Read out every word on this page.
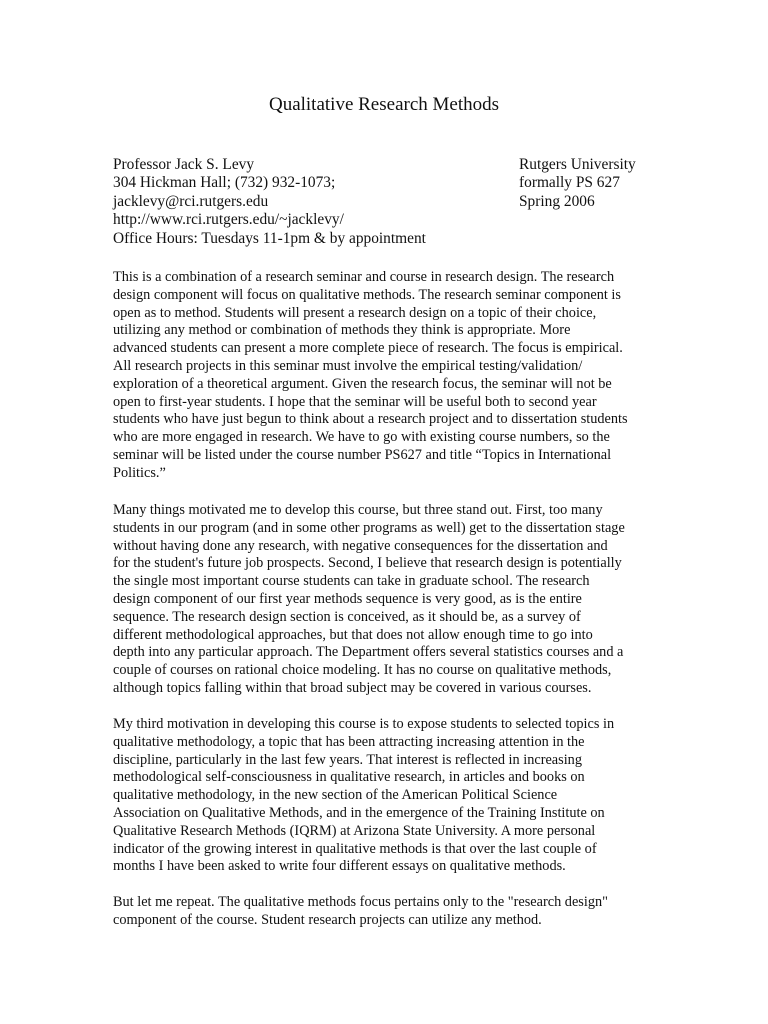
Qualitative Research Methods
Professor Jack S. Levy
304 Hickman Hall; (732) 932-1073;
jacklevy@rci.rutgers.edu
http://www.rci.rutgers.edu/~jacklevy/
Office Hours: Tuesdays 11-1pm & by appointment
Rutgers University
formally PS 627
Spring 2006
This is a combination of a research seminar and course in research design. The research
design component will focus on qualitative methods. The research seminar component is
open as to method. Students will present a research design on a topic of their choice,
utilizing any method or combination of methods they think is appropriate. More
advanced students can present a more complete piece of research. The focus is empirical.
All research projects in this seminar must involve the empirical testing/validation/
exploration of a theoretical argument. Given the research focus, the seminar will not be
open to first-year students. I hope that the seminar will be useful both to second year
students who have just begun to think about a research project and to dissertation students
who are more engaged in research. We have to go with existing course numbers, so the
seminar will be listed under the course number PS627 and title “Topics in International
Politics.”
Many things motivated me to develop this course, but three stand out. First, too many
students in our program (and in some other programs as well) get to the dissertation stage
without having done any research, with negative consequences for the dissertation and
for the student's future job prospects. Second, I believe that research design is potentially
the single most important course students can take in graduate school. The research
design component of our first year methods sequence is very good, as is the entire
sequence. The research design section is conceived, as it should be, as a survey of
different methodological approaches, but that does not allow enough time to go into
depth into any particular approach. The Department offers several statistics courses and a
couple of courses on rational choice modeling. It has no course on qualitative methods,
although topics falling within that broad subject may be covered in various courses.
My third motivation in developing this course is to expose students to selected topics in
qualitative methodology, a topic that has been attracting increasing attention in the
discipline, particularly in the last few years. That interest is reflected in increasing
methodological self-consciousness in qualitative research, in articles and books on
qualitative methodology, in the new section of the American Political Science
Association on Qualitative Methods, and in the emergence of the Training Institute on
Qualitative Research Methods (IQRM) at Arizona State University. A more personal
indicator of the growing interest in qualitative methods is that over the last couple of
months I have been asked to write four different essays on qualitative methods.
But let me repeat. The qualitative methods focus pertains only to the "research design"
component of the course. Student research projects can utilize any method.
